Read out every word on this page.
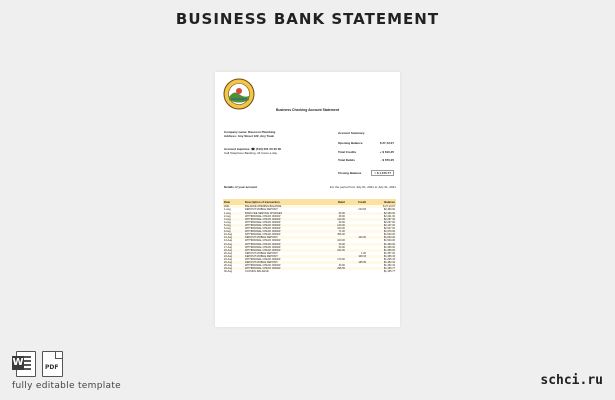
BUSINESS BANK STATEMENT
Business Checking Account Statement
Company name: Raccoon Plumbing
Address: Any Street 122, Any Town
Account inquiries: ☎ (510) 001 00 00 00
Call Telephone Banking, 24 hours a day
Account Summary
Opening Balance	$ 27,13.07
Total Credits	+ $ 610.25
Total Debits	- $ 670.25
Closing Balance	= $ 1,155.77
Details of your account	For the period from July 01, 2021 to July 31, 2021
Date	Description of transaction	Debit	Credit	Balance
2021	BALANCE OPENING BALANCE			$ 27,13.07
1-Aug	DEPOSIT MOBILE DEPOSIT		213.93	$2,490.00
1-Aug	BANK FEE SERVICE CHARGES	30.00		$2,460.00
2-Aug	WITHDRAWAL CHECK 00000#	39.00		$2,421.00
3-Aug	WITHDRAWAL CHECK 00000#	124.00		$2,297.00
4-Aug	WITHDRAWAL CHECK 00000#	30.00		$2,267.00
5-Aug	WITHDRAWAL CHECK 00000#	120.00		$2,147.00
6-Aug	WITHDRAWAL CHECK 00000#	100.00		$2,047.00
9-Aug	WITHDRAWAL CHECK 00000#	71.00		$1,976.00
10-Aug	WITHDRAWAL CHECK 00000#	456.00		$1,520.00
12-Aug	DEPOSIT MOBILE DEPOSIT		100.00	$1,620.00
13-Aug	WITHDRAWAL CHECK 00000#	100.00		$1,520.00
16-Aug	WITHDRAWAL CHECK 00000#	30.00		$1,490.00
17-Aug	WITHDRAWAL CHECK 00000#	30.00		$1,460.00
18-Aug	WITHDRAWAL CHECK 00000#	104.00		$1,356.00
20-Aug	DEPOSIT MOBILE DEPOSIT		1.00	$1,357.00
23-Aug	DEPOSIT MOBILE DEPOSIT		108.33	$1,465.33
24-Aug	WITHDRAWAL CHECK 00000#	170.00		$1,295.33
25-Aug	DEPOSIT MOBILE DEPOSIT		186.99	$1,482.32
26-Aug	WITHDRAWAL CHECK 00000#	30.00		$1,452.32
29-Aug	WITHDRAWAL CHECK 00000#	296.55		$1,155.77
30-Aug	CLOSING BALANCE			$1,155.77
W	PDF
fully editable template	schci.ru
